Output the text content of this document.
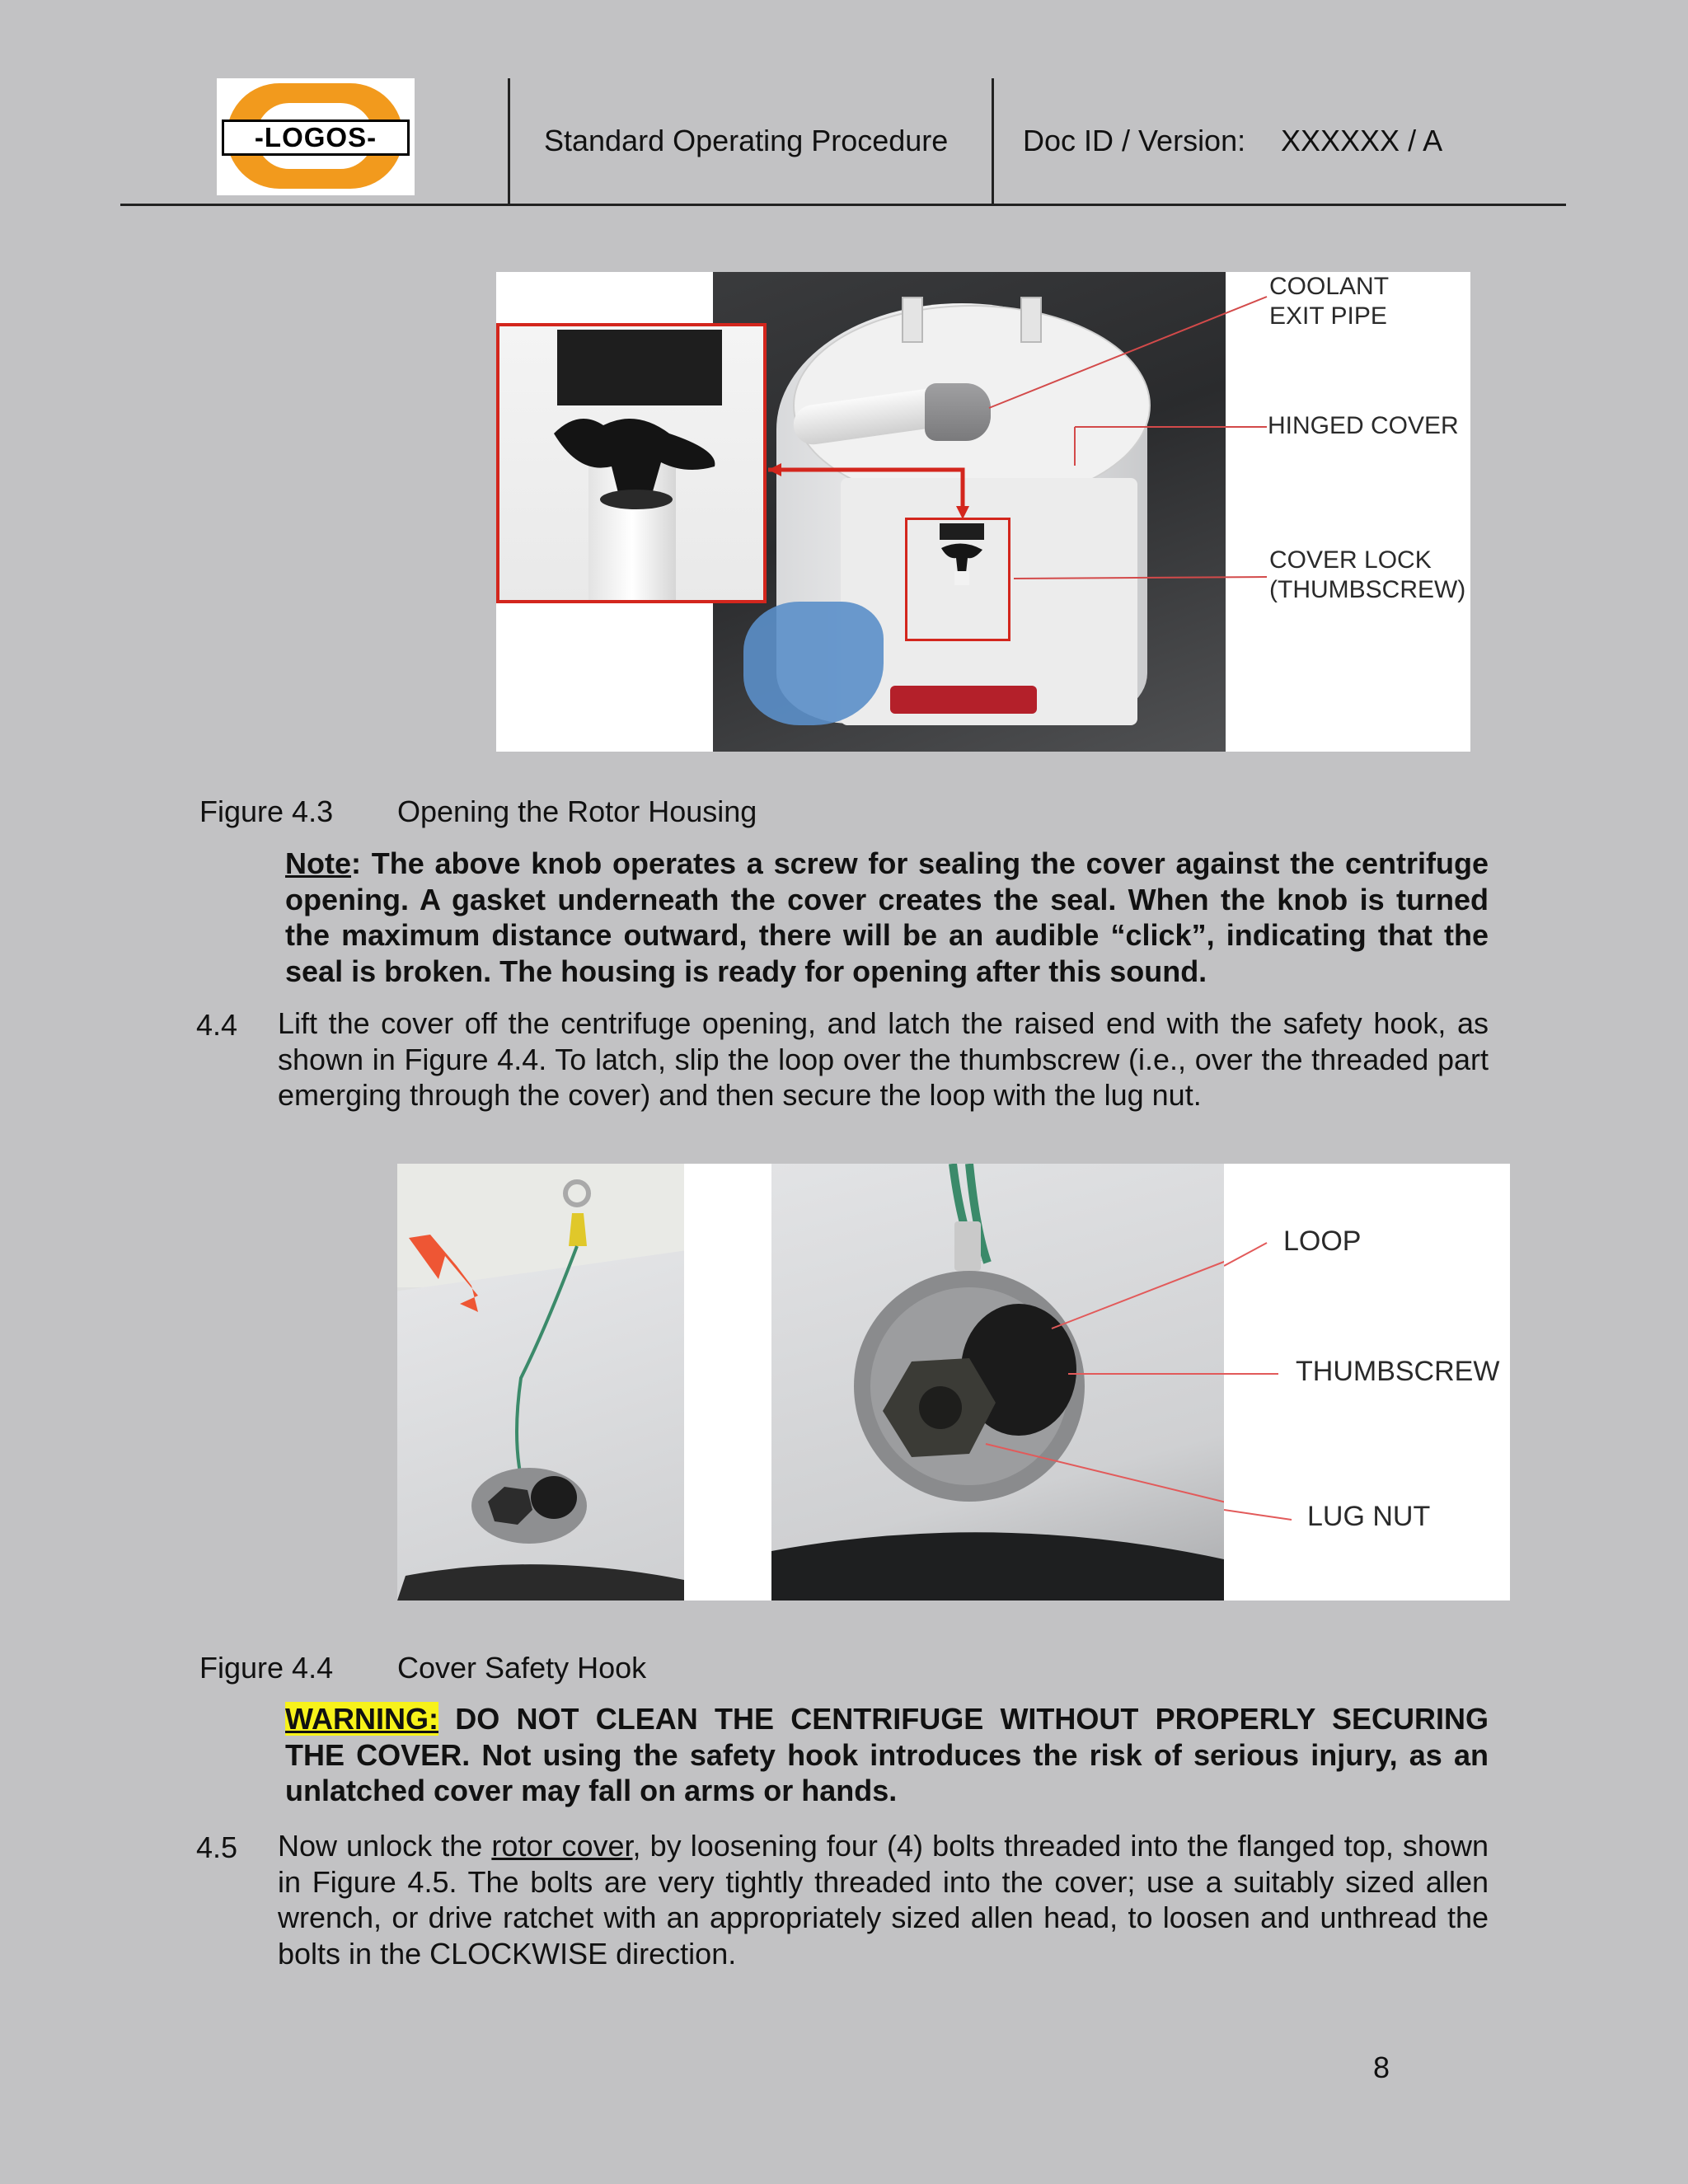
-LOGOS-	Standard Operating Procedure	Doc ID / Version: XXXXXX / A
COOLANT
EXIT PIPE
HINGED COVER
COVER LOCK
(THUMBSCREW)
Figure 4.3 Opening the Rotor Housing
Note: The above knob operates a screw for sealing the cover against the centrifuge opening. A gasket underneath the cover creates the seal. When the knob is turned the maximum distance outward, there will be an audible “click”, indicating that the seal is broken. The housing is ready for opening after this sound.
4.4 Lift the cover off the centrifuge opening, and latch the raised end with the safety hook, as shown in Figure 4.4. To latch, slip the loop over the thumbscrew (i.e., over the threaded part emerging through the cover) and then secure the loop with the lug nut.
LOOP
THUMBSCREW
LUG NUT
Figure 4.4 Cover Safety Hook
WARNING: DO NOT CLEAN THE CENTRIFUGE WITHOUT PROPERLY SECURING THE COVER. Not using the safety hook introduces the risk of serious injury, as an unlatched cover may fall on arms or hands.
4.5 Now unlock the rotor cover, by loosening four (4) bolts threaded into the flanged top, shown in Figure 4.5. The bolts are very tightly threaded into the cover; use a suitably sized allen wrench, or drive ratchet with an appropriately sized allen head, to loosen and unthread the bolts in the CLOCKWISE direction.
8
